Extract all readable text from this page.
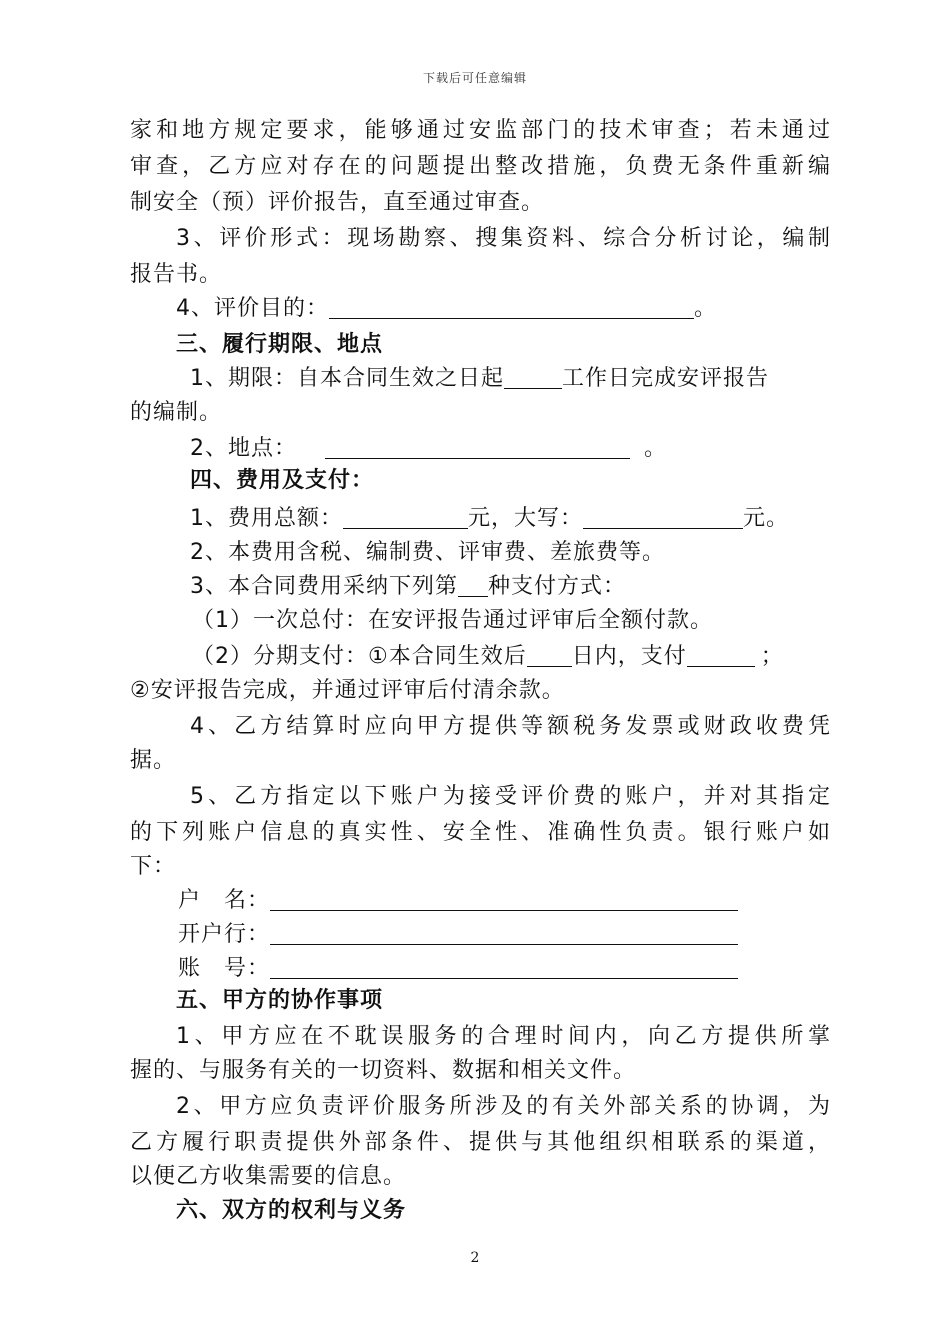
下载后可任意编辑
家和地方规定要求，能够通过安监部门的技术审查；若未通过
审查，乙方应对存在的问题提出整改措施，负费无条件重新编
制安全（预）评价报告，直至通过审查。
3、评价形式：现场勘察、搜集资料、综合分析讨论，编制
报告书。
4、评价目的：	。
三、履行期限、地点
1、期限：自本合同生效之日起	工作日完成安评报告
的编制。
2、地点：	。
四、费用及支付：
1、费用总额：	元，大写：	元。
2、本费用含税、编制费、评审费、差旅费等。
3、本合同费用采纳下列第 种支付方式：
（1）一次总付：在安评报告通过评审后全额付款。
（2）分期支付：①本合同生效后 日内，支付	；
②安评报告完成，并通过评审后付清余款。
4、乙方结算时应向甲方提供等额税务发票或财政收费凭
据。
5、乙方指定以下账户为接受评价费的账户，并对其指定
的下列账户信息的真实性、安全性、准确性负责。银行账户如
下：
户　名：
开户行：
账　号：
五、甲方的协作事项
1、甲方应在不耽误服务的合理时间内，向乙方提供所掌
握的、与服务有关的一切资料、数据和相关文件。
2、甲方应负责评价服务所涉及的有关外部关系的协调，为
乙方履行职责提供外部条件、提供与其他组织相联系的渠道，
以便乙方收集需要的信息。
六、双方的权利与义务
2
